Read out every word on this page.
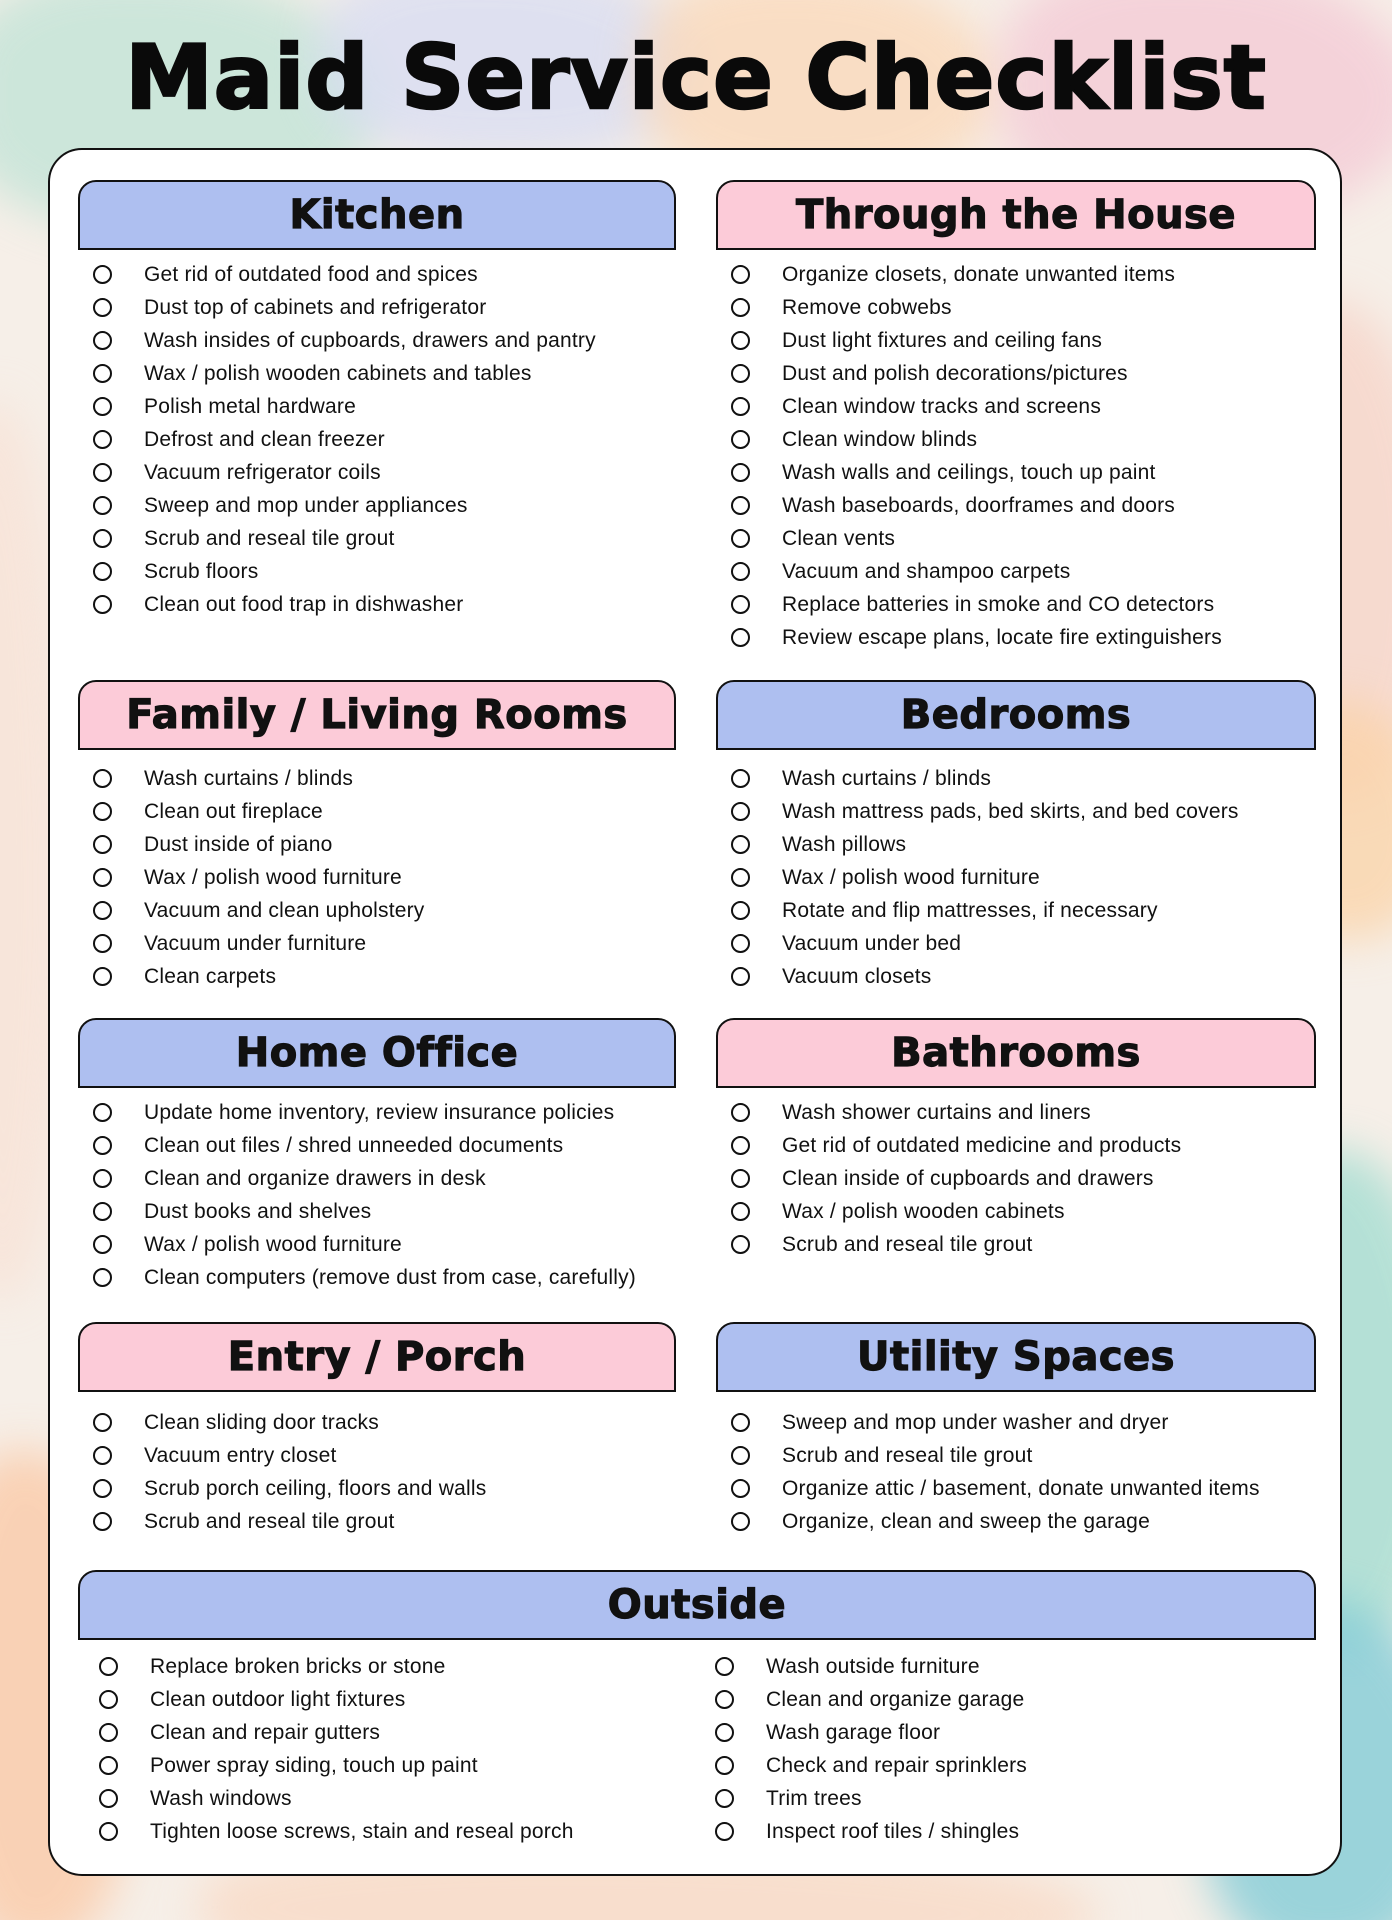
Maid Service Checklist
Kitchen
Get rid of outdated food and spices
Dust top of cabinets and refrigerator
Wash insides of cupboards, drawers and pantry
Wax / polish wooden cabinets and tables
Polish metal hardware
Defrost and clean freezer
Vacuum refrigerator coils
Sweep and mop under appliances
Scrub and reseal tile grout
Scrub floors
Clean out food trap in dishwasher
Through the House
Organize closets, donate unwanted items
Remove cobwebs
Dust light fixtures and ceiling fans
Dust and polish decorations/pictures
Clean window tracks and screens
Clean window blinds
Wash walls and ceilings, touch up paint
Wash baseboards, doorframes and doors
Clean vents
Vacuum and shampoo carpets
Replace batteries in smoke and CO detectors
Review escape plans, locate fire extinguishers
Family / Living Rooms
Wash curtains / blinds
Clean out fireplace
Dust inside of piano
Wax / polish wood furniture
Vacuum and clean upholstery
Vacuum under furniture
Clean carpets
Bedrooms
Wash curtains / blinds
Wash mattress pads, bed skirts, and bed covers
Wash pillows
Wax / polish wood furniture
Rotate and flip mattresses, if necessary
Vacuum under bed
Vacuum closets
Home Office
Update home inventory, review insurance policies
Clean out files / shred unneeded documents
Clean and organize drawers in desk
Dust books and shelves
Wax / polish wood furniture
Clean computers (remove dust from case, carefully)
Bathrooms
Wash shower curtains and liners
Get rid of outdated medicine and products
Clean inside of cupboards and drawers
Wax / polish wooden cabinets
Scrub and reseal tile grout
Entry / Porch
Clean sliding door tracks
Vacuum entry closet
Scrub porch ceiling, floors and walls
Scrub and reseal tile grout
Utility Spaces
Sweep and mop under washer and dryer
Scrub and reseal tile grout
Organize attic / basement, donate unwanted items
Organize, clean and sweep the garage
Outside
Replace broken bricks or stone
Clean outdoor light fixtures
Clean and repair gutters
Power spray siding, touch up paint
Wash windows
Tighten loose screws, stain and reseal porch
Wash outside furniture
Clean and organize garage
Wash garage floor
Check and repair sprinklers
Trim trees
Inspect roof tiles / shingles
